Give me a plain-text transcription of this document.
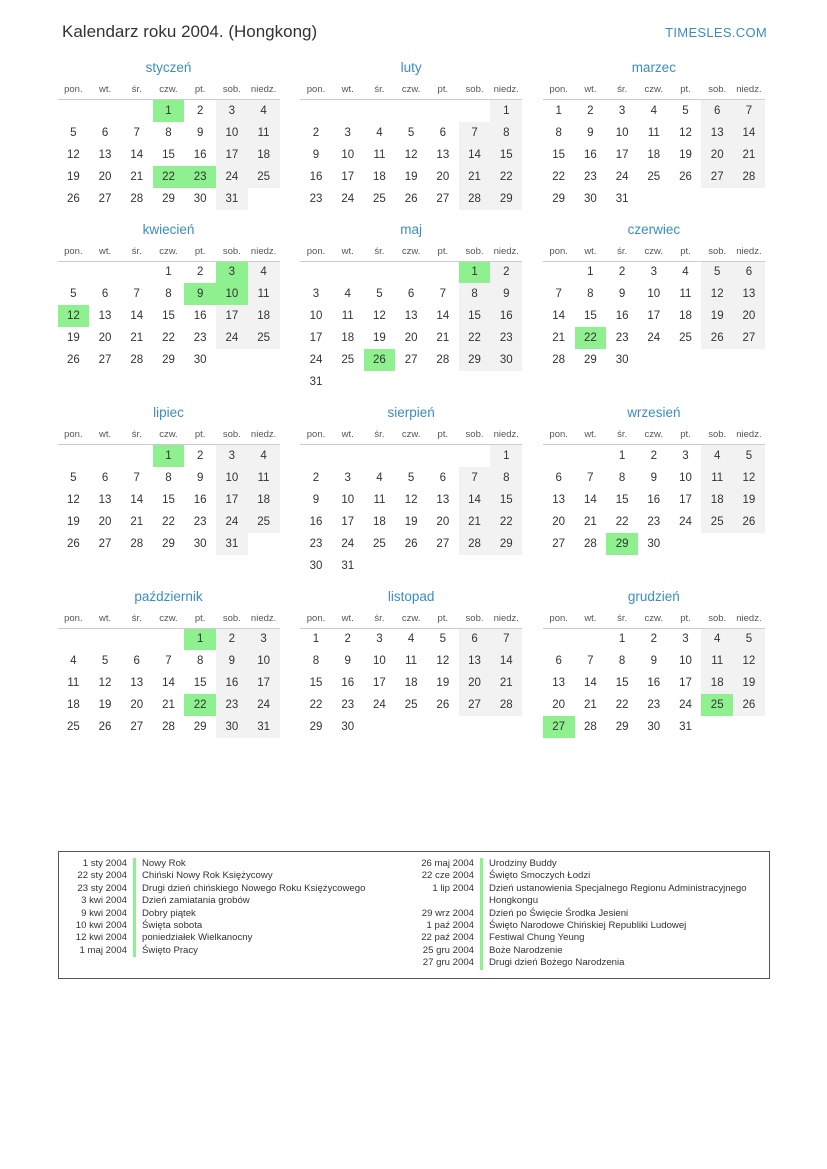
Kalendarz roku 2004. (Hongkong)	TIMESLES.COM
styczeń
pon.	wt.	śr.	czw.	pt.	sob.	niedz.
			1	2	3	4
5	6	7	8	9	10	11
12	13	14	15	16	17	18
19	20	21	22	23	24	25
26	27	28	29	30	31	
luty
pon.	wt.	śr.	czw.	pt.	sob.	niedz.
						1
2	3	4	5	6	7	8
9	10	11	12	13	14	15
16	17	18	19	20	21	22
23	24	25	26	27	28	29
marzec
pon.	wt.	śr.	czw.	pt.	sob.	niedz.
1	2	3	4	5	6	7
8	9	10	11	12	13	14
15	16	17	18	19	20	21
22	23	24	25	26	27	28
29	30	31				
kwiecień
pon.	wt.	śr.	czw.	pt.	sob.	niedz.
			1	2	3	4
5	6	7	8	9	10	11
12	13	14	15	16	17	18
19	20	21	22	23	24	25
26	27	28	29	30		
maj
pon.	wt.	śr.	czw.	pt.	sob.	niedz.
					1	2
3	4	5	6	7	8	9
10	11	12	13	14	15	16
17	18	19	20	21	22	23
24	25	26	27	28	29	30
31						
czerwiec
pon.	wt.	śr.	czw.	pt.	sob.	niedz.
	1	2	3	4	5	6
7	8	9	10	11	12	13
14	15	16	17	18	19	20
21	22	23	24	25	26	27
28	29	30				
lipiec
pon.	wt.	śr.	czw.	pt.	sob.	niedz.
			1	2	3	4
5	6	7	8	9	10	11
12	13	14	15	16	17	18
19	20	21	22	23	24	25
26	27	28	29	30	31	
sierpień
pon.	wt.	śr.	czw.	pt.	sob.	niedz.
						1
2	3	4	5	6	7	8
9	10	11	12	13	14	15
16	17	18	19	20	21	22
23	24	25	26	27	28	29
30	31					
wrzesień
pon.	wt.	śr.	czw.	pt.	sob.	niedz.
		1	2	3	4	5
6	7	8	9	10	11	12
13	14	15	16	17	18	19
20	21	22	23	24	25	26
27	28	29	30			
październik
pon.	wt.	śr.	czw.	pt.	sob.	niedz.
				1	2	3
4	5	6	7	8	9	10
11	12	13	14	15	16	17
18	19	20	21	22	23	24
25	26	27	28	29	30	31
listopad
pon.	wt.	śr.	czw.	pt.	sob.	niedz.
1	2	3	4	5	6	7
8	9	10	11	12	13	14
15	16	17	18	19	20	21
22	23	24	25	26	27	28
29	30					
grudzień
pon.	wt.	śr.	czw.	pt.	sob.	niedz.
		1	2	3	4	5
6	7	8	9	10	11	12
13	14	15	16	17	18	19
20	21	22	23	24	25	26
27	28	29	30	31		
1 sty 2004	Nowy Rok
22 sty 2004	Chiński Nowy Rok Księżycowy
23 sty 2004	Drugi dzień chińskiego Nowego Roku Księżycowego
3 kwi 2004	Dzień zamiatania grobów
9 kwi 2004	Dobry piątek
10 kwi 2004	Święta sobota
12 kwi 2004	poniedziałek Wielkanocny
1 maj 2004	Święto Pracy
26 maj 2004	Urodziny Buddy
22 cze 2004	Święto Smoczych Łodzi
1 lip 2004	Dzień ustanowienia Specjalnego Regionu Administracyjnego Hongkongu
29 wrz 2004	Dzień po Święcie Środka Jesieni
1 paź 2004	Święto Narodowe Chińskiej Republiki Ludowej
22 paź 2004	Festiwal Chung Yeung
25 gru 2004	Boże Narodzenie
27 gru 2004	Drugi dzień Bożego Narodzenia
